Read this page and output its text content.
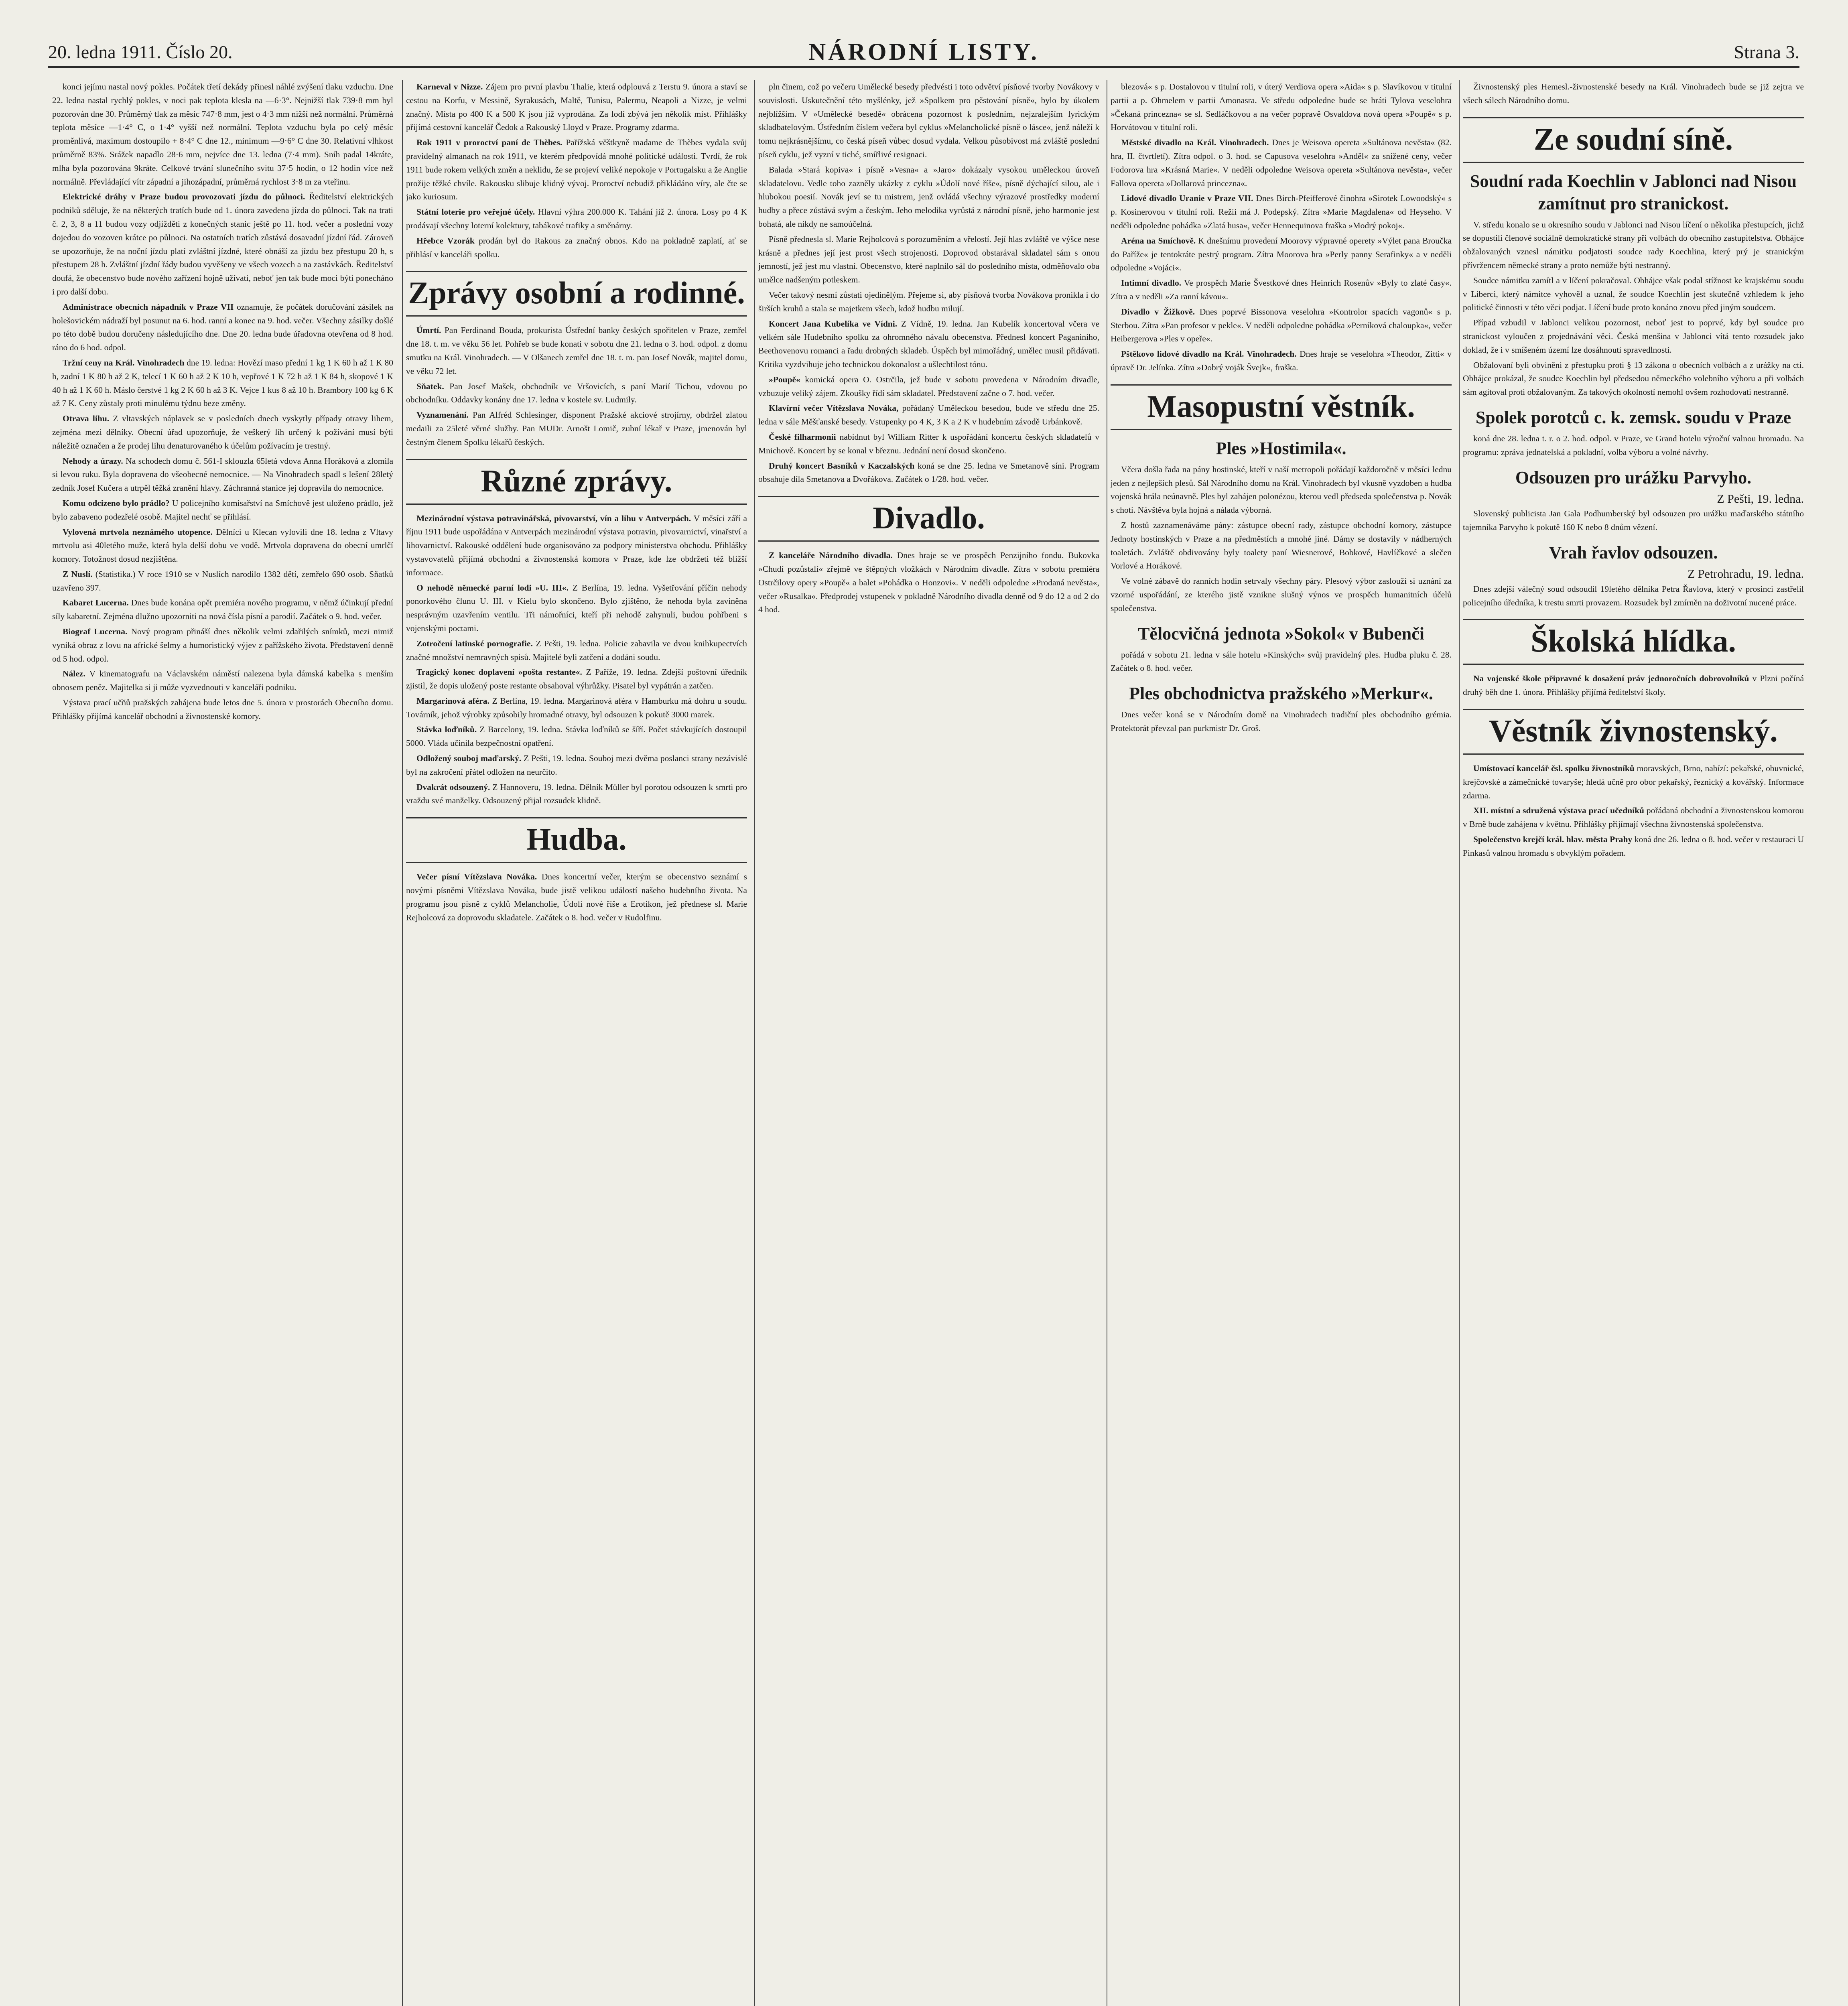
20. ledna 1911. Číslo 20.	NÁRODNÍ LISTY.	Strana 3.

konci jejímu nastal nový pokles. Počátek třetí dekády přinesl náhlé zvýšení tlaku vzduchu. Dne 22. ledna nastal rychlý pokles, v noci pak teplota klesla na —6·3°. Nejnižší tlak 739·8 mm byl pozorován dne 30. Průměrný tlak za měsíc 747·8 mm, jest o 4·3 mm nižší než normální. Průměrná teplota měsíce —1·4° C, o 1·4° vyšší než normální. Teplota vzduchu byla po celý měsíc proměnlivá, maximum dostoupilo + 8·4° C dne 12., minimum —9·6° C dne 30. Relativní vlhkost průměrně 83%. Srážek napadlo 28·6 mm, nejvíce dne 13. ledna (7·4 mm). Sníh padal 14kráte, mlha byla pozorována 9kráte. Celkové trvání slunečního svitu 37·5 hodin, o 12 hodin více než normálně. Převládající vítr západní a jihozápadní, průměrná rychlost 3·8 m za vteřinu.

Elektrické dráhy v Praze budou provozovati jízdu do půlnoci. Ředitelství elektrických podniků sděluje, že na některých tratích bude od 1. února zavedena jízda do půlnoci. Tak na trati č. 2, 3, 8 a 11 budou vozy odjížděti z konečných stanic ještě po 11. hod. večer a poslední vozy dojedou do vozoven krátce po půlnoci. Na ostatních tratích zůstává dosavadní jízdní řád. Zároveň se upozorňuje, že na noční jízdu platí zvláštní jízdné, které obnáší za jízdu bez přestupu 20 h, s přestupem 28 h. Zvláštní jízdní řády budou vyvěšeny ve všech vozech a na zastávkách. Ředitelství doufá, že obecenstvo bude nového zařízení hojně užívati, neboť jen tak bude moci býti ponecháno i pro další dobu.

Administrace obecních nápadník v Praze VII oznamuje, že počátek doručování zásilek na holešovickém nádraží byl posunut na 6. hod. ranní a konec na 9. hod. večer. Všechny zásilky došlé po této době budou doručeny následujícího dne. Dne 20. ledna bude úřadovna otevřena od 8 hod. ráno do 6 hod. odpol.

Tržní ceny na Král. Vinohradech dne 19. ledna: Hovězí maso přední 1 kg 1 K 60 h až 1 K 80 h, zadní 1 K 80 h až 2 K, telecí 1 K 60 h až 2 K 10 h, vepřové 1 K 72 h až 1 K 84 h, skopové 1 K 40 h až 1 K 60 h. Máslo čerstvé 1 kg 2 K 60 h až 3 K. Vejce 1 kus 8 až 10 h. Brambory 100 kg 6 K až 7 K. Ceny zůstaly proti minulému týdnu beze změny.

Otrava lihu. Z vltavských náplavek se v posledních dnech vyskytly případy otravy lihem, zejména mezi dělníky. Obecní úřad upozorňuje, že veškerý líh určený k požívání musí býti náležitě označen a že prodej lihu denaturovaného k účelům požívacím je trestný.

Nehody a úrazy. Na schodech domu č. 561-I sklouzla 65letá vdova Anna Horáková a zlomila si levou ruku. Byla dopravena do všeobecné nemocnice. — Na Vinohradech spadl s lešení 28letý zedník Josef Kučera a utrpěl těžká zranění hlavy. Záchranná stanice jej dopravila do nemocnice.

Komu odcizeno bylo prádlo? U policejního komisařství na Smíchově jest uloženo prádlo, jež bylo zabaveno podezřelé osobě. Majitel nechť se přihlásí.

Vylovená mrtvola neznámého utopence. Dělníci u Klecan vylovili dne 18. ledna z Vltavy mrtvolu asi 40letého muže, která byla delší dobu ve vodě. Mrtvola dopravena do obecní umrlčí komory. Totožnost dosud nezjištěna.

Z Nuslí. (Statistika.) V roce 1910 se v Nuslích narodilo 1382 dětí, zemřelo 690 osob. Sňatků uzavřeno 397.

Kabaret Lucerna. Dnes bude konána opět premiéra nového programu, v němž účinkují přední síly kabaretní. Zejména dlužno upozorniti na nová čísla písní a parodií. Začátek o 9. hod. večer.

Biograf Lucerna. Nový program přináší dnes několik velmi zdařilých snímků, mezi nimiž vyniká obraz z lovu na africké šelmy a humoristický výjev z pařížského života. Představení denně od 5 hod. odpol.

Nález. V kinematografu na Václavském náměstí nalezena byla dámská kabelka s menším obnosem peněz. Majitelka si ji může vyzvednouti v kanceláři podniku.

Výstava prací učňů pražských zahájena bude letos dne 5. února v prostorách Obecního domu. Přihlášky přijímá kancelář obchodní a živnostenské komory.

Karneval v Nizze. Zájem pro první plavbu Thalie, která odplouvá z Terstu 9. února a staví se cestou na Korfu, v Messině, Syrakusách, Maltě, Tunisu, Palermu, Neapoli a Nizze, je velmi značný. Místa po 400 K a 500 K jsou již vyprodána. Za lodí zbývá jen několik míst. Přihlášky přijímá cestovní kancelář Čedok a Rakouský Lloyd v Praze. Programy zdarma.

Rok 1911 v proroctví paní de Thèbes. Pařížská věštkyně madame de Thèbes vydala svůj pravidelný almanach na rok 1911, ve kterém předpovídá mnohé politické události. Tvrdí, že rok 1911 bude rokem velkých změn a neklidu, že se projeví veliké nepokoje v Portugalsku a že Anglie prožije těžké chvíle. Rakousku slibuje klidný vývoj. Proroctví nebudiž přikládáno víry, ale čte se jako kuriosum.

Státní loterie pro veřejné účely. Hlavní výhra 200.000 K. Tahání již 2. února. Losy po 4 K prodávají všechny loterní kolektury, tabákové trafiky a směnárny.

Hřebce Vzorák prodán byl do Rakous za značný obnos. Kdo na pokladně zaplatí, ať se přihlásí v kanceláři spolku.

Zprávy osobní a rodinné.

Úmrtí. Pan Ferdinand Bouda, prokurista Ústřední banky českých spořitelen v Praze, zemřel dne 18. t. m. ve věku 56 let. Pohřeb se bude konati v sobotu dne 21. ledna o 3. hod. odpol. z domu smutku na Král. Vinohradech. — V Olšanech zemřel dne 18. t. m. pan Josef Novák, majitel domu, ve věku 72 let.

Sňatek. Pan Josef Mašek, obchodník ve Vršovicích, s paní Marií Tichou, vdovou po obchodníku. Oddavky konány dne 17. ledna v kostele sv. Ludmily.

Vyznamenání. Pan Alfréd Schlesinger, disponent Pražské akciové strojírny, obdržel zlatou medaili za 25leté věrné služby. Pan MUDr. Arnošt Lomič, zubní lékař v Praze, jmenován byl čestným členem Spolku lékařů českých.

Různé zprávy.

Mezinárodní výstava potravinářská, pivovarství, vín a lihu v Antverpách. V měsíci září a říjnu 1911 bude uspořádána v Antverpách mezinárodní výstava potravin, pivovarnictví, vinařství a lihovarnictví. Rakouské oddělení bude organisováno za podpory ministerstva obchodu. Přihlášky vystavovatelů přijímá obchodní a živnostenská komora v Praze, kde lze obdržeti též bližší informace.

O nehodě německé parní lodi »U. III«. Z Berlína, 19. ledna. Vyšetřování příčin nehody ponorkového člunu U. III. v Kielu bylo skončeno. Bylo zjištěno, že nehoda byla zaviněna nesprávným uzavřením ventilu. Tři námořníci, kteří při nehodě zahynuli, budou pohřbeni s vojenskými poctami.

Zotročení latinské pornografie. Z Pešti, 19. ledna. Policie zabavila ve dvou knihkupectvích značné množství nemravných spisů. Majitelé byli zatčeni a dodáni soudu.

Tragický konec doplavení »pošta restante«. Z Paříže, 19. ledna. Zdejší poštovní úředník zjistil, že dopis uložený poste restante obsahoval výhrůžky. Pisatel byl vypátrán a zatčen.

Margarinová aféra. Z Berlína, 19. ledna. Margarinová aféra v Hamburku má dohru u soudu. Továrník, jehož výrobky způsobily hromadné otravy, byl odsouzen k pokutě 3000 marek.

Stávka loďníků. Z Barcelony, 19. ledna. Stávka loďníků se šíří. Počet stávkujících dostoupil 5000. Vláda učinila bezpečnostní opatření.

Odložený souboj maďarský. Z Pešti, 19. ledna. Souboj mezi dvěma poslanci strany nezávislé byl na zakročení přátel odložen na neurčito.

Dvakrát odsouzený. Z Hannoveru, 19. ledna. Dělník Müller byl porotou odsouzen k smrti pro vraždu své manželky. Odsouzený přijal rozsudek klidně.

Hudba.

Večer písní Vítězslava Nováka. Dnes koncertní večer, kterým se obecenstvo seznámí s novými písněmi Vítězslava Nováka, bude jistě velikou událostí našeho hudebního života. Na programu jsou písně z cyklů Melancholie, Údolí nové říše a Erotikon, jež přednese sl. Marie Rejholcová za doprovodu skladatele. Začátek o 8. hod. večer v Rudolfinu.

pln činem, což po večeru Umělecké besedy předvésti i toto odvětví písňové tvorby Novákovy v souvislosti. Uskutečnění této myšlénky, jež »Spolkem pro pěstování písně«, bylo by úkolem nejblížším. V »Umělecké besedě« obrácena pozornost k posledním, nejzralejším lyrickým skladbatelovým. Ústředním číslem večera byl cyklus »Melancholické písně o lásce«, jenž náleží k tomu nejkrásnějšímu, co česká píseň vůbec dosud vydala. Velkou působivost má zvláště poslední píseň cyklu, jež vyzní v tiché, smířlivé resignaci.

Balada »Stará kopiva« i písně »Vesna« a »Jaro« dokázaly vysokou uměleckou úroveň skladatelovu. Vedle toho zazněly ukázky z cyklu »Údolí nové říše«, písně dýchající silou, ale i hlubokou poesií. Novák jeví se tu mistrem, jenž ovládá všechny výrazové prostředky moderní hudby a přece zůstává svým a českým. Jeho melodika vyrůstá z národní písně, jeho harmonie jest bohatá, ale nikdy ne samoúčelná.

Písně přednesla sl. Marie Rejholcová s porozuměním a vřelostí. Její hlas zvláště ve výšce nese krásně a přednes její jest prost všech strojenosti. Doprovod obstarával skladatel sám s onou jemností, jež jest mu vlastní. Obecenstvo, které naplnilo sál do posledního místa, odměňovalo oba umělce nadšeným potleskem.

Večer takový nesmí zůstati ojedinělým. Přejeme si, aby písňová tvorba Novákova pronikla i do širších kruhů a stala se majetkem všech, kdož hudbu milují.

Koncert Jana Kubelíka ve Vídni. Z Vídně, 19. ledna. Jan Kubelík koncertoval včera ve velkém sále Hudebního spolku za ohromného návalu obecenstva. Přednesl koncert Paganiniho, Beethovenovu romanci a řadu drobných skladeb. Úspěch byl mimořádný, umělec musil přidávati. Kritika vyzdvihuje jeho technickou dokonalost a ušlechtilost tónu.

»Poupě« komická opera O. Ostrčila, jež bude v sobotu provedena v Národním divadle, vzbuzuje veliký zájem. Zkoušky řídí sám skladatel. Představení začne o 7. hod. večer.

Klavírní večer Vítězslava Nováka, pořádaný Uměleckou besedou, bude ve středu dne 25. ledna v sále Měšťanské besedy. Vstupenky po 4 K, 3 K a 2 K v hudebním závodě Urbánkově.

České filharmonii nabídnut byl William Ritter k uspořádání koncertu českých skladatelů v Mnichově. Koncert by se konal v březnu. Jednání není dosud skončeno.

Druhý koncert Basníků v Kaczalských koná se dne 25. ledna ve Smetanově síni. Program obsahuje díla Smetanova a Dvořákova. Začátek o 1/28. hod. večer.

Divadlo.

Z kanceláře Národního divadla. Dnes hraje se ve prospěch Penzijního fondu. Bukovka »Chudí pozůstalí« zřejmě ve štěpných vložkách v Národním divadle. Zítra v sobotu premiéra Ostrčilovy opery »Poupě« a balet »Pohádka o Honzovi«. V neděli odpoledne »Prodaná nevěsta«, večer »Rusalka«. Předprodej vstupenek v pokladně Národního divadla denně od 9 do 12 a od 2 do 4 hod.

blezová« s p. Dostalovou v titulní roli, v úterý Verdiova opera »Aida« s p. Slavíkovou v titulní partii a p. Ohmelem v partii Amonasra. Ve středu odpoledne bude se hráti Tylova veselohra »Čekaná princezna« se sl. Sedláčkovou a na večer popravě Osvaldova nová opera »Poupě« s p. Horvátovou v titulní roli.

Městské divadlo na Král. Vinohradech. Dnes je Weisova opereta »Sultánova nevěsta« (82. hra, II. čtvrtletí). Zítra odpol. o 3. hod. se Capusova veselohra »Anděl« za snížené ceny, večer Fodorova hra »Krásná Marie«. V neděli odpoledne Weisova opereta »Sultánova nevěsta«, večer Fallova opereta »Dollarová princezna«.

Lidové divadlo Uranie v Praze VII. Dnes Birch-Pfeifferové činohra »Sirotek Lowoodský« s p. Kosinerovou v titulní roli. Režii má J. Podepský. Zítra »Marie Magdalena« od Heyseho. V neděli odpoledne pohádka »Zlatá husa«, večer Hennequinova fraška »Modrý pokoj«.

Aréna na Smíchově. K dnešnímu provedení Moorovy výpravné operety »Výlet pana Broučka do Paříže« je tentokráte pestrý program. Zítra Moorova hra »Perly panny Serafinky« a v neděli odpoledne »Vojáci«.

Intimní divadlo. Ve prospěch Marie Švestkové dnes Heinrich Rosenův »Byly to zlaté časy«. Zítra a v neděli »Za ranní kávou«.

Divadlo v Žižkově. Dnes poprvé Bissonova veselohra »Kontrolor spacích vagonů« s p. Sterbou. Zítra »Pan profesor v pekle«. V neděli odpoledne pohádka »Perníková chaloupka«, večer Heibergerova »Ples v opeře«.

Pštěkovo lidové divadlo na Král. Vinohradech. Dnes hraje se veselohra »Theodor, Zitti« v úpravě Dr. Jelínka. Zítra »Dobrý voják Švejk«, fraška.

Masopustní věstník.
Ples »Hostimila«.

Včera došla řada na pány hostinské, kteří v naší metropoli pořádají každoročně v měsíci lednu jeden z nejlepších plesů. Sál Národního domu na Král. Vinohradech byl vkusně vyzdoben a hudba vojenská hrála neúnavně. Ples byl zahájen polonézou, kterou vedl předseda společenstva p. Novák s chotí. Návštěva byla hojná a nálada výborná.

Z hostů zaznamenáváme pány: zástupce obecní rady, zástupce obchodní komory, zástupce Jednoty hostinských v Praze a na předměstích a mnohé jiné. Dámy se dostavily v nádherných toaletách. Zvláště obdivovány byly toalety paní Wiesnerové, Bobkové, Havlíčkové a slečen Vorlové a Horákové.

Ve volné zábavě do ranních hodin setrvaly všechny páry. Plesový výbor zaslouží si uznání za vzorné uspořádání, ze kterého jistě vznikne slušný výnos ve prospěch humanitních účelů společenstva.

Tělocvičná jednota »Sokol« v Bubenči

pořádá v sobotu 21. ledna v sále hotelu »Kinských« svůj pravidelný ples. Hudba pluku č. 28. Začátek o 8. hod. večer.

Ples obchodnictva pražského »Merkur«.

Dnes večer koná se v Národním domě na Vinohradech tradiční ples obchodního grémia. Protektorát převzal pan purkmistr Dr. Groš.

Živnostenský ples Hemesl.-živnostenské besedy na Král. Vinohradech bude se již zejtra ve všech sálech Národního domu.

Ze soudní síně.
Soudní rada Koechlin v Jablonci nad Nisou zamítnut pro stranickost.

V. středu konalo se u okresního soudu v Jablonci nad Nisou líčení o několika přestupcích, jichž se dopustili členové sociálně demokratické strany při volbách do obecního zastupitelstva. Obhájce obžalovaných vznesl námitku podjatosti soudce rady Koechlina, který prý je stranickým přívržencem německé strany a proto nemůže býti nestranný.

Soudce námitku zamítl a v líčení pokračoval. Obhájce však podal stížnost ke krajskému soudu v Liberci, který námitce vyhověl a uznal, že soudce Koechlin jest skutečně vzhledem k jeho politické činnosti v této věci podjat. Líčení bude proto konáno znovu před jiným soudcem.

Případ vzbudil v Jablonci velikou pozornost, neboť jest to poprvé, kdy byl soudce pro stranickost vyloučen z projednávání věci. Česká menšina v Jablonci vítá tento rozsudek jako doklad, že i v smíšeném území lze dosáhnouti spravedlnosti.

Obžalovaní byli obviněni z přestupku proti § 13 zákona o obecních volbách a z urážky na cti. Obhájce prokázal, že soudce Koechlin byl předsedou německého volebního výboru a při volbách sám agitoval proti obžalovaným. Za takových okolností nemohl ovšem rozhodovati nestranně.

Spolek porotců c. k. zemsk. soudu v Praze

koná dne 28. ledna t. r. o 2. hod. odpol. v Praze, ve Grand hotelu výroční valnou hromadu. Na programu: zpráva jednatelská a pokladní, volba výboru a volné návrhy.

Odsouzen pro urážku Parvyho.

Z Pešti, 19. ledna.

Slovenský publicista Jan Gala Podhumberský byl odsouzen pro urážku maďarského státního tajemníka Parvyho k pokutě 160 K nebo 8 dnům vězení.

Vrah řavlov odsouzen.

Z Petrohradu, 19. ledna.

Dnes zdejší válečný soud odsoudil 19letého dělníka Petra Řavlova, který v prosinci zastřelil policejního úředníka, k trestu smrti provazem. Rozsudek byl zmírněn na doživotní nucené práce.

Školská hlídka.

Na vojenské škole připravné k dosažení práv jednoročních dobrovolníků v Plzni počíná druhý běh dne 1. února. Přihlášky přijímá ředitelství školy.

Věstník živnostenský.

Umístovací kancelář čsl. spolku živnostníků moravských, Brno, nabízí: pekařské, obuvnické, krejčovské a zámečnické tovaryše; hledá učně pro obor pekařský, řeznický a kovářský. Informace zdarma.

XII. místní a sdružená výstava prací učedníků pořádaná obchodní a živnostenskou komorou v Brně bude zahájena v květnu. Přihlášky přijímají všechna živnostenská společenstva.

Společenstvo krejčí král. hlav. města Prahy koná dne 26. ledna o 8. hod. večer v restauraci U Pinkasů valnou hromadu s obvyklým pořadem.
